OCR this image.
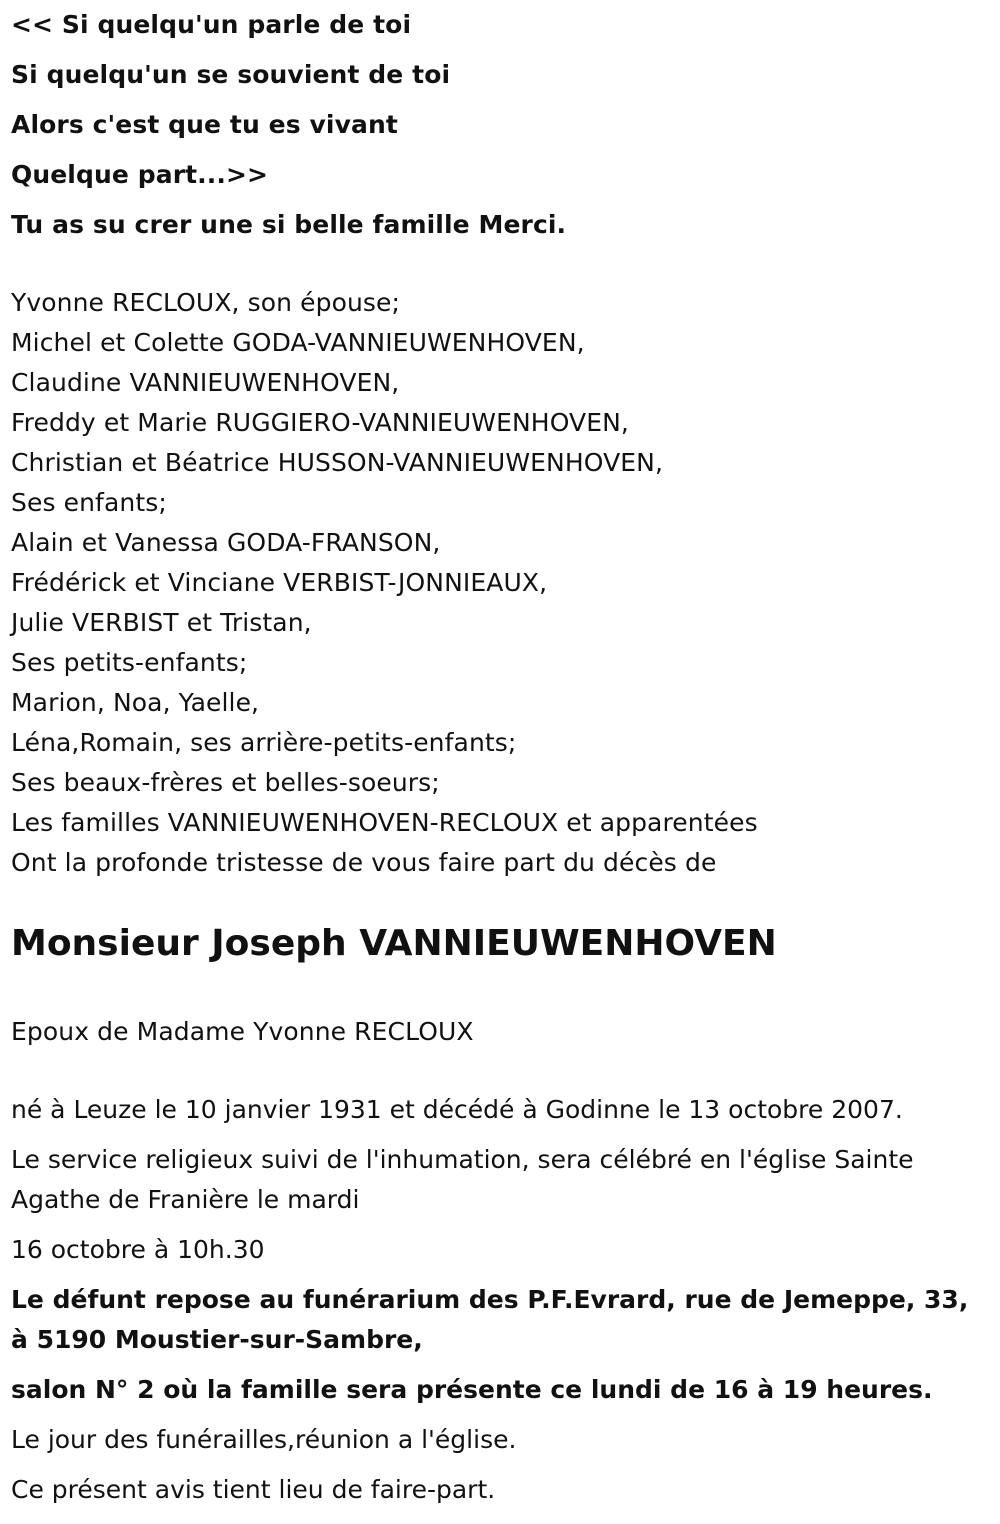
<< Si quelqu'un parle de toi
Si quelqu'un se souvient de toi
Alors c'est que tu es vivant
Quelque part...>>
Tu as su crer une si belle famille Merci.
Yvonne RECLOUX, son épouse;
Michel et Colette GODA-VANNIEUWENHOVEN,
Claudine VANNIEUWENHOVEN,
Freddy et Marie RUGGIERO-VANNIEUWENHOVEN,
Christian et Béatrice HUSSON-VANNIEUWENHOVEN,
Ses enfants;
Alain et Vanessa GODA-FRANSON,
Frédérick et Vinciane VERBIST-JONNIEAUX,
Julie VERBIST et Tristan,
Ses petits-enfants;
Marion, Noa, Yaelle,
Léna,Romain, ses arrière-petits-enfants;
Ses beaux-frères et belles-soeurs;
Les familles VANNIEUWENHOVEN-RECLOUX et apparentées
Ont la profonde tristesse de vous faire part du décès de
Monsieur Joseph VANNIEUWENHOVEN
Epoux de Madame Yvonne RECLOUX

né à Leuze le 10 janvier 1931 et décédé à Godinne le 13 octobre 2007.

Le service religieux suivi de l'inhumation, sera célébré en l'église Sainte Agathe de Franière le mardi

16 octobre à 10h.30

Le défunt repose au funérarium des P.F.Evrard, rue de Jemeppe, 33, à 5190 Moustier-sur-Sambre,

salon N° 2 où la famille sera présente ce lundi de 16 à 19 heures.

Le jour des funérailles,réunion a l'église.

Ce présent avis tient lieu de faire-part.
